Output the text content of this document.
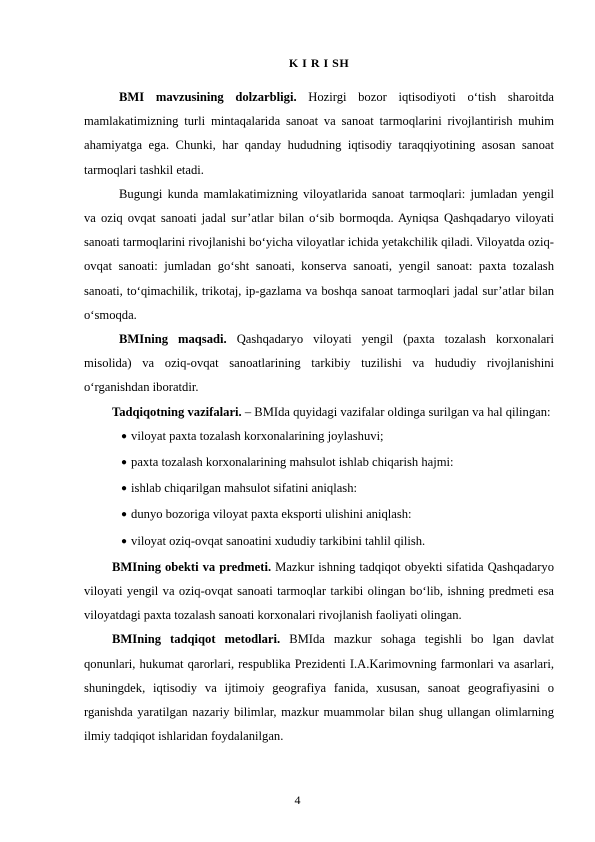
K I R I SH

BMI mavzusining dolzarbligi. Hozirgi bozor iqtisodiyoti o‘tish sharoitda mamlakatimizning turli mintaqalarida sanoat va sanoat tarmoqlarini rivojlantirish muhim ahamiyatga ega. Chunki, har qanday hududning iqtisodiy taraqqiyotining asosan sanoat tarmoqlari tashkil etadi.

Bugungi kunda mamlakatimizning viloyatlarida sanoat tarmoqlari: jumladan yengil va oziq ovqat sanoati jadal sur’atlar bilan o‘sib bormoqda. Ayniqsa Qashqadaryo viloyati sanoati tarmoqlarini rivojlanishi bo‘yicha viloyatlar ichida yetakchilik qiladi. Viloyatda oziq-ovqat sanoati: jumladan go‘sht sanoati, konserva sanoati, yengil sanoat: paxta tozalash sanoati, to‘qimachilik, trikotaj, ip-gazlama va boshqa sanoat tarmoqlari jadal sur’atlar bilan o‘smoqda.

BMIning maqsadi. Qashqadaryo viloyati yengil (paxta tozalash korxonalari misolida) va oziq-ovqat sanoatlarining tarkibiy tuzilishi va hududiy rivojlanishini o‘rganishdan iboratdir.

Tadqiqotning vazifalari. – BMIda quyidagi vazifalar oldinga surilgan va hal qilingan:

● viloyat paxta tozalash korxonalarining joylashuvi;
● paxta tozalash korxonalarining mahsulot ishlab chiqarish hajmi:
● ishlab chiqarilgan mahsulot sifatini aniqlash:
● dunyo bozoriga viloyat paxta eksporti ulishini aniqlash:
● viloyat oziq-ovqat sanoatini xududiy tarkibini tahlil qilish.

BMIning obekti va predmeti. Mazkur ishning tadqiqot obyekti sifatida Qashqadaryo viloyati yengil va oziq-ovqat sanoati tarmoqlar tarkibi olingan bo‘lib, ishning predmeti esa viloyatdagi paxta tozalash sanoati korxonalari rivojlanish faoliyati olingan.

BMIning tadqiqot metodlari. BMIda mazkur sohaga tegishli bo lgan davlat qonunlari, hukumat qarorlari, respublika Prezidenti I.A.Karimovning farmonlari va asarlari, shuningdek, iqtisodiy va ijtimoiy geografiya fanida, xususan, sanoat geografiyasini o rganishda yaratilgan nazariy bilimlar, mazkur muammolar bilan shug ullangan olimlarning ilmiy tadqiqot ishlaridan foydalanilgan.

4
